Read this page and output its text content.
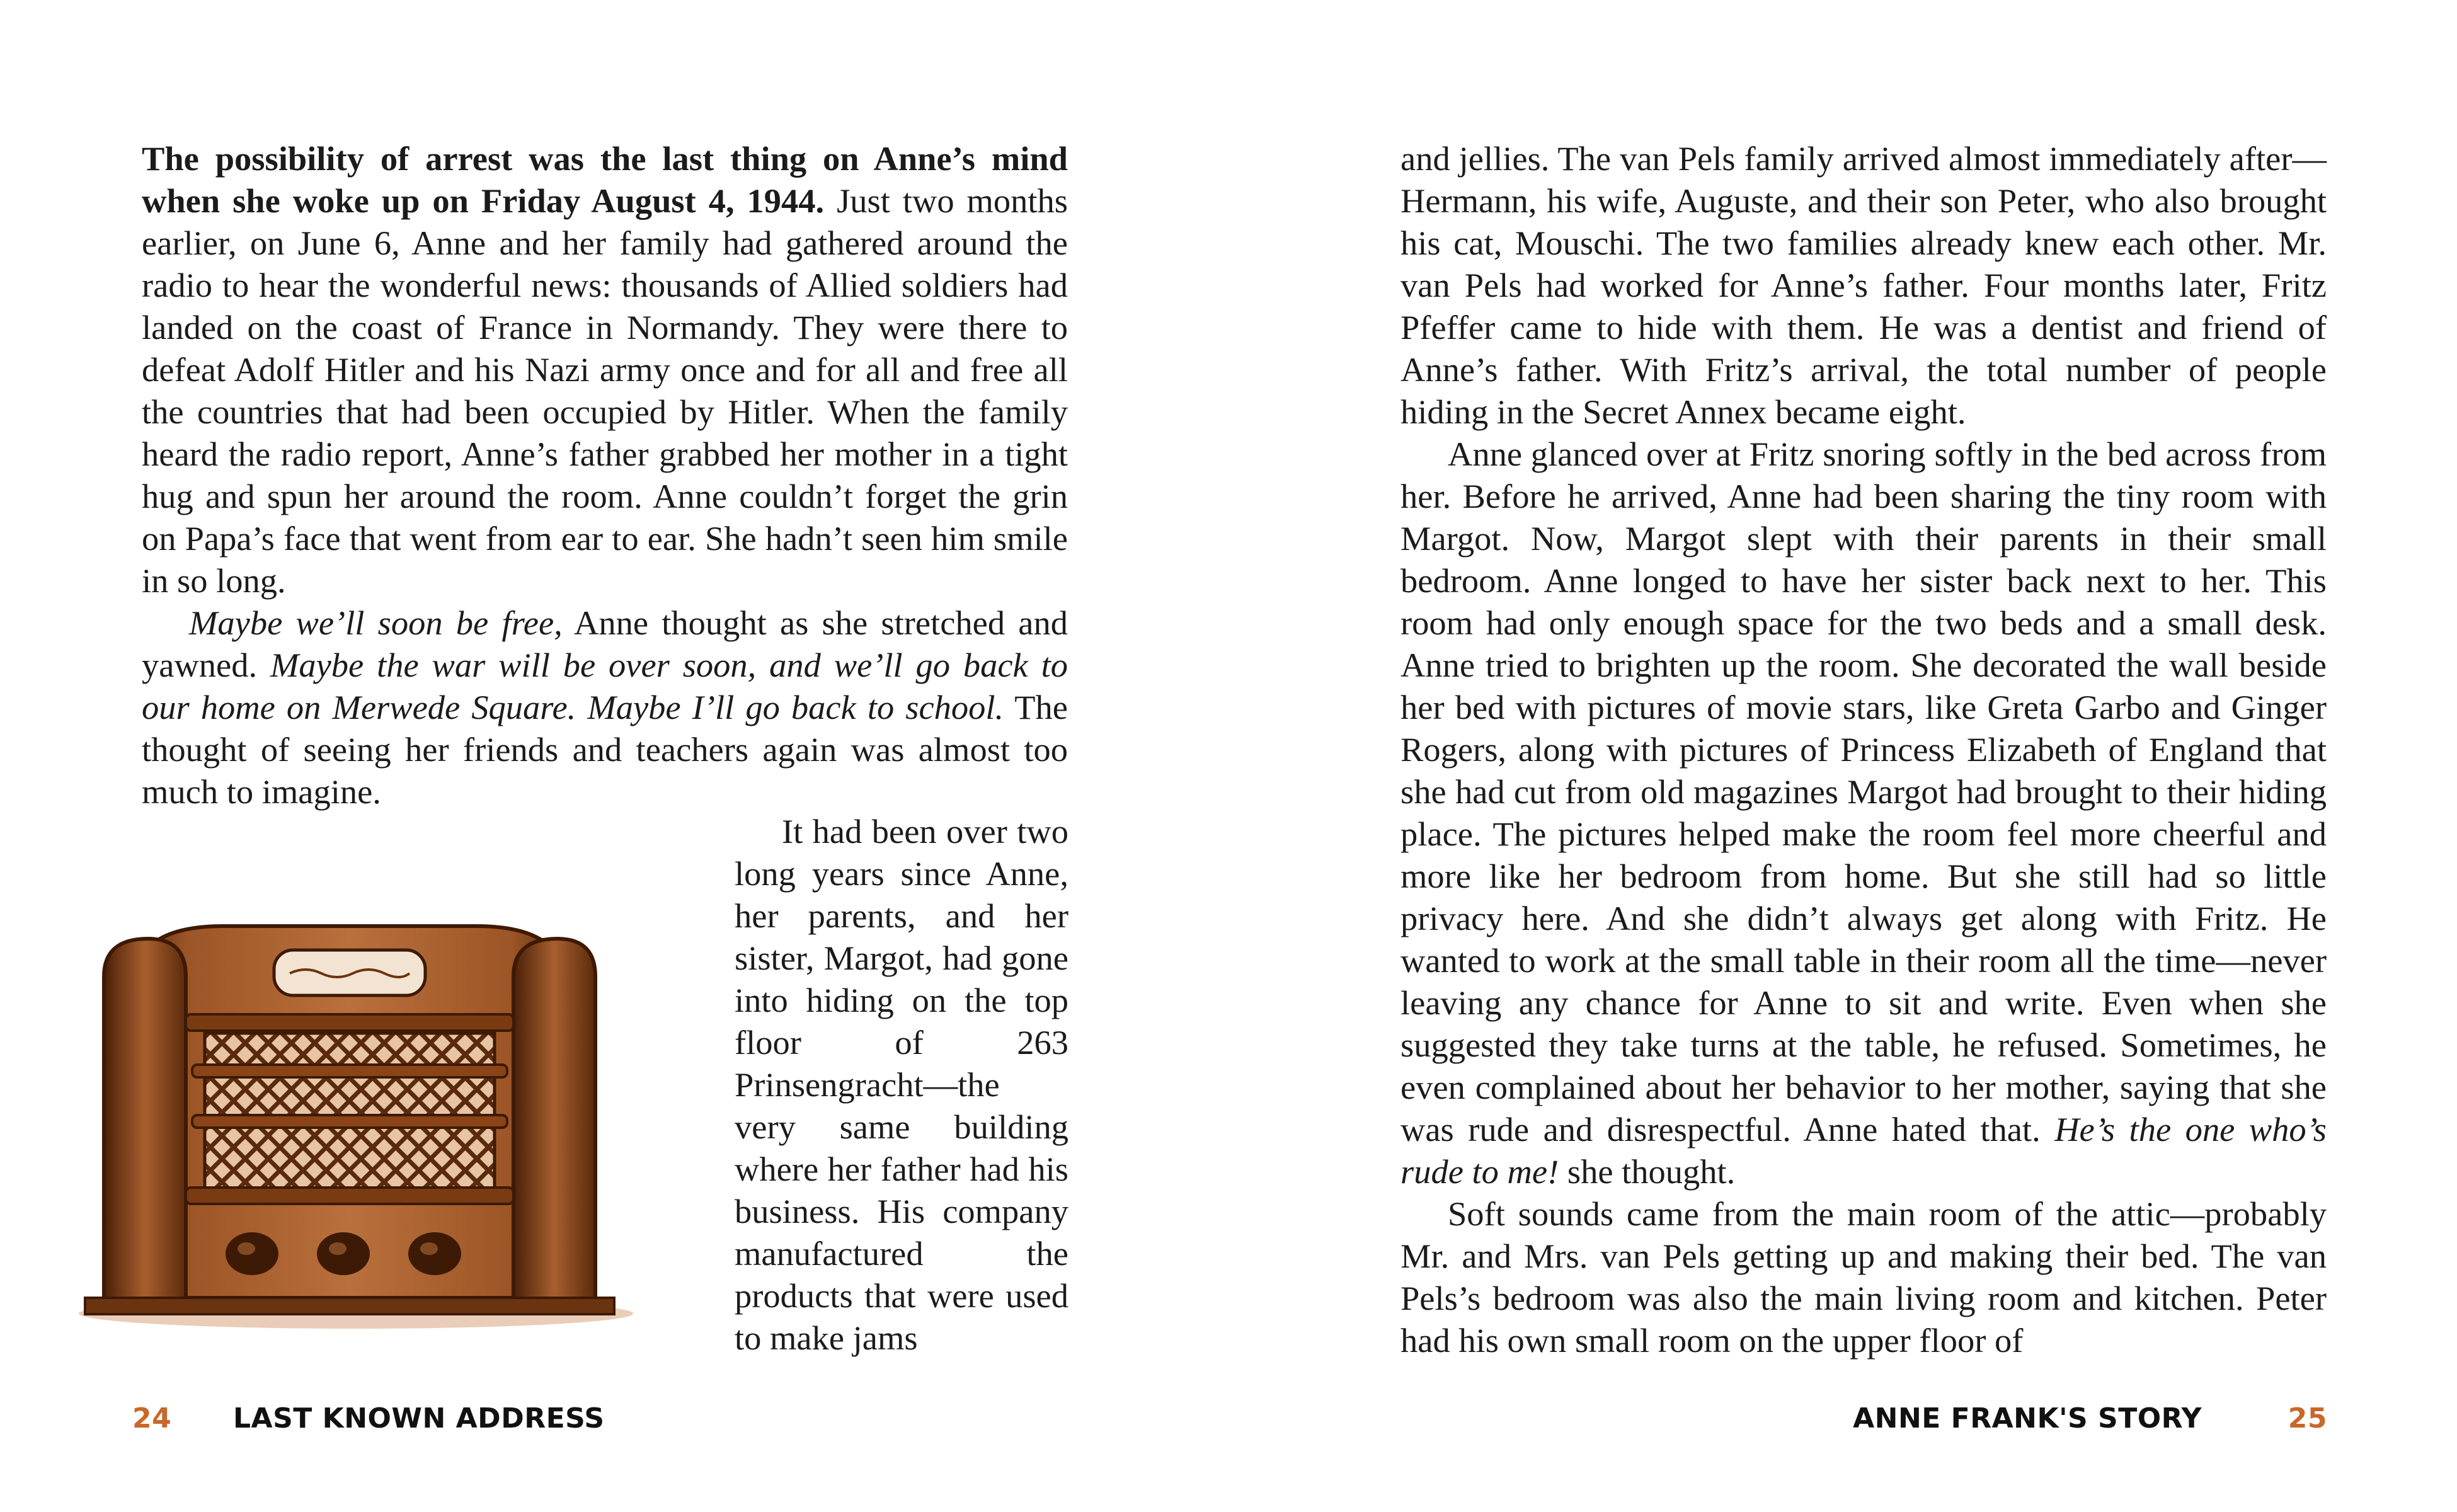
The possibility of arrest was the last thing on Anne’s mind when she woke up on Friday August 4, 1944. Just two months earlier, on June 6, Anne and her family had gathered around the radio to hear the wonderful news: thousands of Allied soldiers had landed on the coast of France in Normandy. They were there to defeat Adolf Hitler and his Nazi army once and for all and free all the countries that had been occupied by Hitler. When the family heard the radio report, Anne’s father grabbed her mother in a tight hug and spun her around the room. Anne couldn’t forget the grin on Papa’s face that went from ear to ear. She hadn’t seen him smile in so long.

Maybe we’ll soon be free, Anne thought as she stretched and yawned. Maybe the war will be over soon, and we’ll go back to our home on Merwede Square. Maybe I’ll go back to school. The thought of seeing her friends and teachers again was almost too much to imagine.

It had been over two long years since Anne, her parents, and her sister, Margot, had gone into hiding on the top floor of 263 Prinsengracht—the very same building where her father had his business. His company manufactured the products that were used to make jams

24 LAST KNOWN ADDRESS

and jellies. The van Pels family arrived almost immediately after—Hermann, his wife, Auguste, and their son Peter, who also brought his cat, Mouschi. The two families already knew each other. Mr. van Pels had worked for Anne’s father. Four months later, Fritz Pfeffer came to hide with them. He was a dentist and friend of Anne’s father. With Fritz’s arrival, the total number of people hiding in the Secret Annex became eight.

Anne glanced over at Fritz snoring softly in the bed across from her. Before he arrived, Anne had been sharing the tiny room with Margot. Now, Margot slept with their parents in their small bedroom. Anne longed to have her sister back next to her. This room had only enough space for the two beds and a small desk. Anne tried to brighten up the room. She decorated the wall beside her bed with pictures of movie stars, like Greta Garbo and Ginger Rogers, along with pictures of Princess Elizabeth of England that she had cut from old magazines Margot had brought to their hiding place. The pictures helped make the room feel more cheerful and more like her bedroom from home. But she still had so little privacy here. And she didn’t always get along with Fritz. He wanted to work at the small table in their room all the time—never leaving any chance for Anne to sit and write. Even when she suggested they take turns at the table, he refused. Sometimes, he even complained about her behavior to her mother, saying that she was rude and disrespectful. Anne hated that. He’s the one who’s rude to me! she thought.

Soft sounds came from the main room of the attic—probably Mr. and Mrs. van Pels getting up and making their bed. The van Pels’s bedroom was also the main living room and kitchen. Peter had his own small room on the upper floor of

ANNE FRANK'S STORY	25
